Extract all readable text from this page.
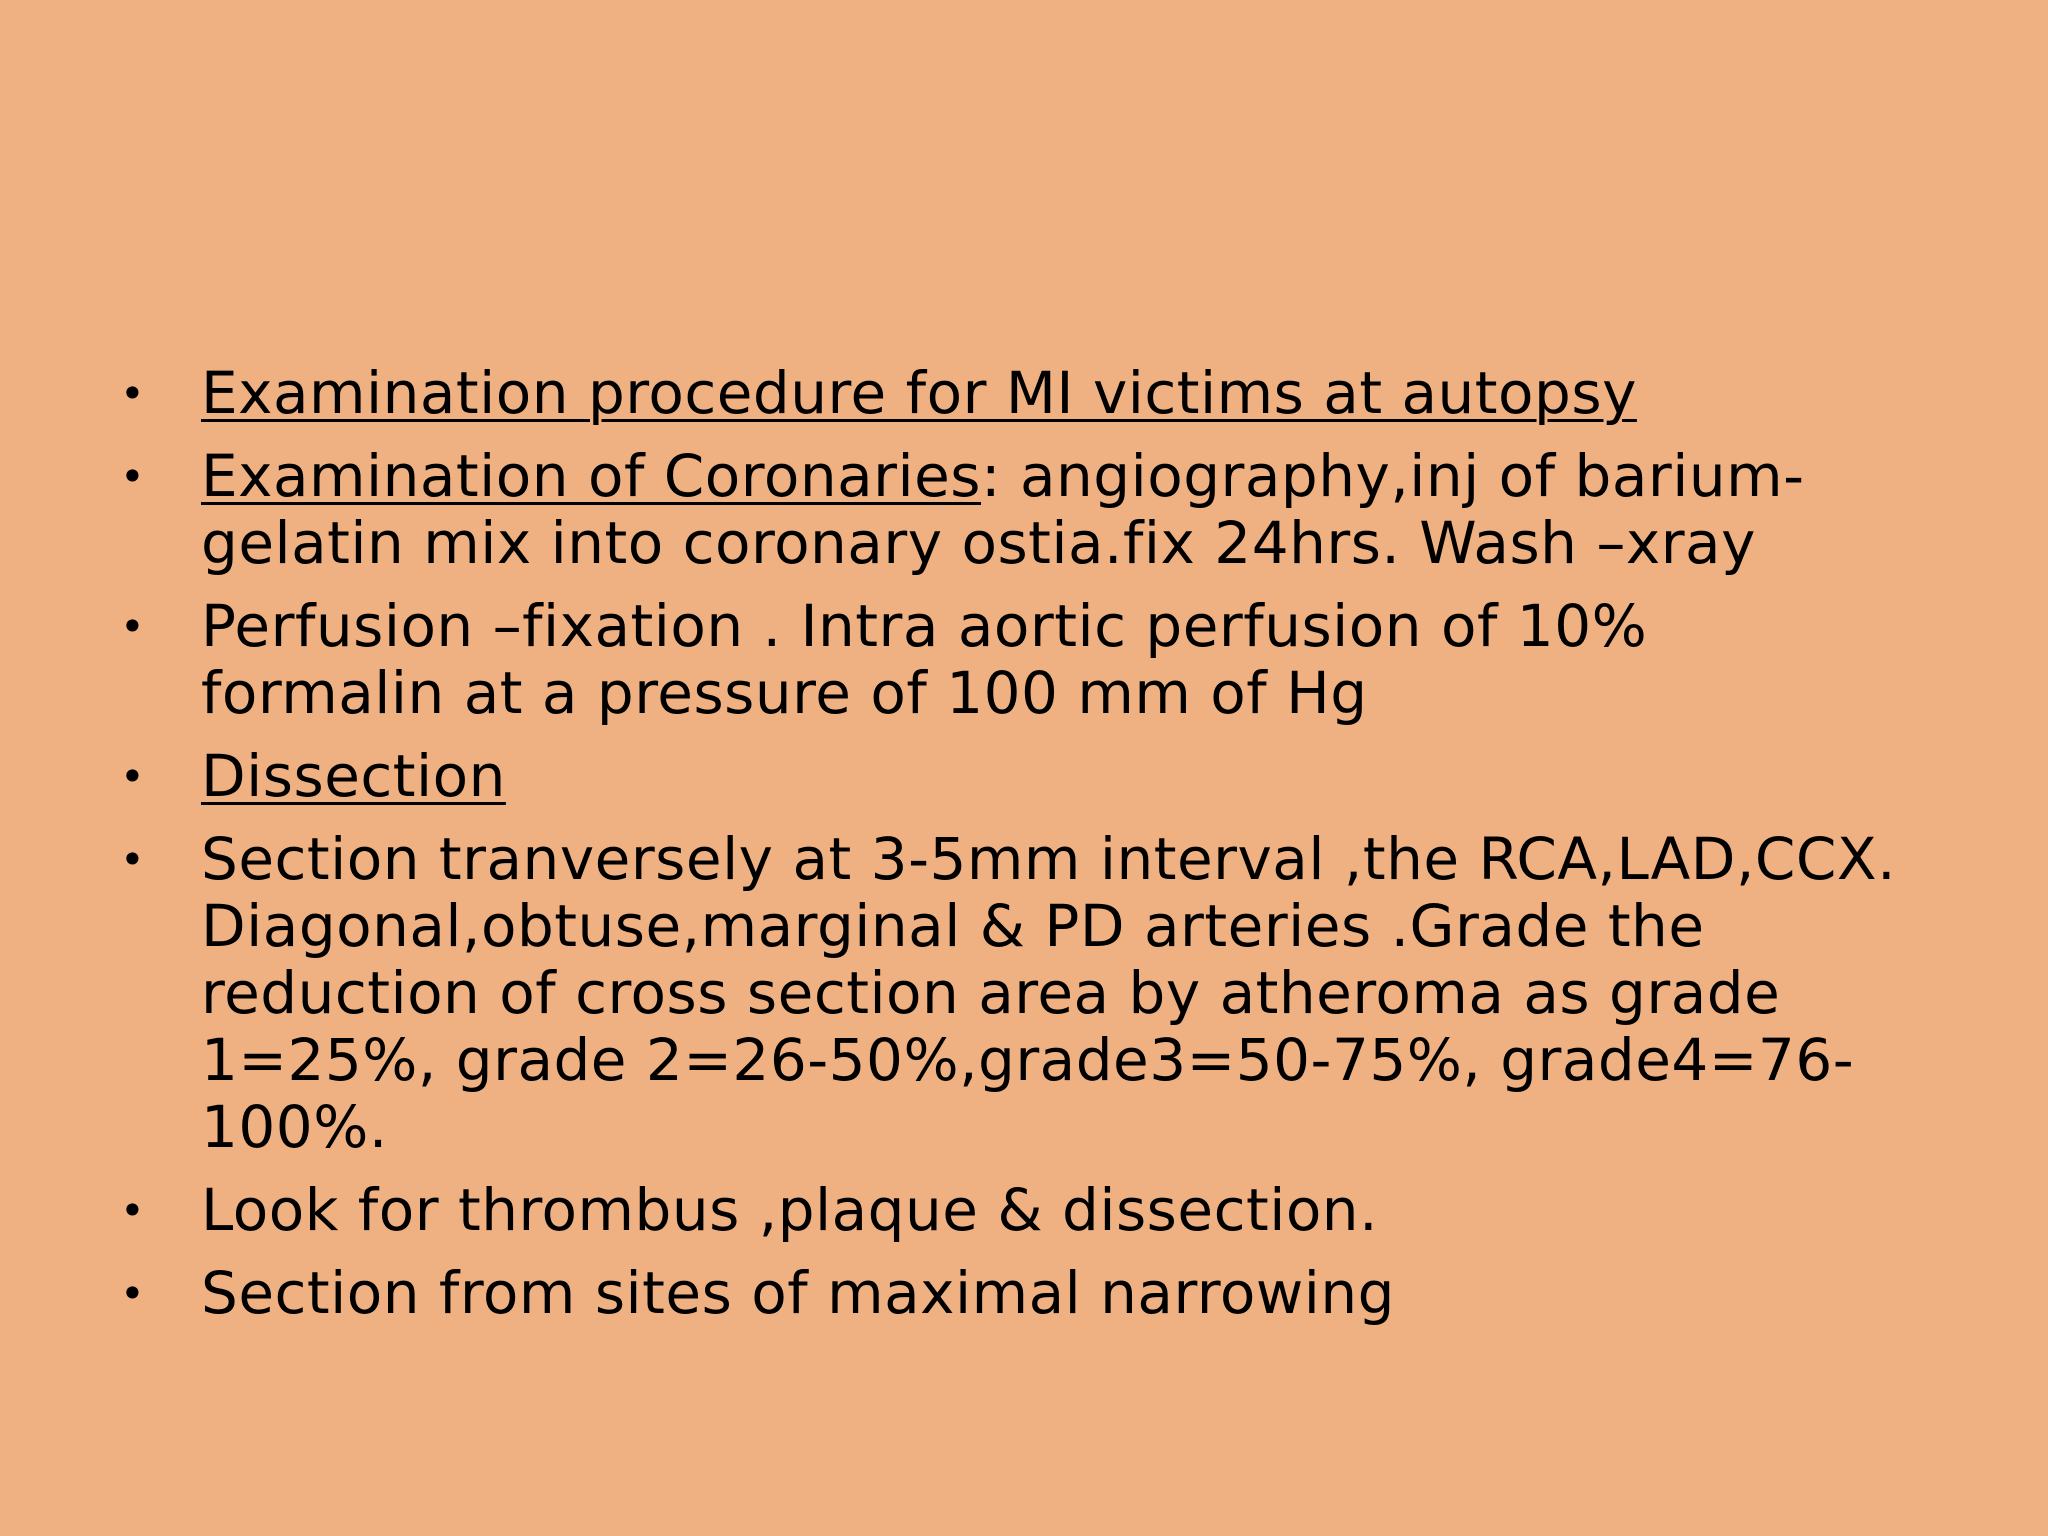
• Examination procedure for MI victims at autopsy
• Examination of Coronaries: angiography,inj of barium-
gelatin mix into coronary ostia.fix 24hrs. Wash –xray
• Perfusion –fixation . Intra aortic perfusion of 10%
formalin at a pressure of 100 mm of Hg
• Dissection
• Section tranversely at 3-5mm interval ,the RCA,LAD,CCX.
Diagonal,obtuse,marginal & PD arteries .Grade the
reduction of cross section area by atheroma as grade
1=25%, grade 2=26-50%,grade3=50-75%, grade4=76-
100%.
• Look for thrombus ,plaque & dissection.
• Section from sites of maximal narrowing
